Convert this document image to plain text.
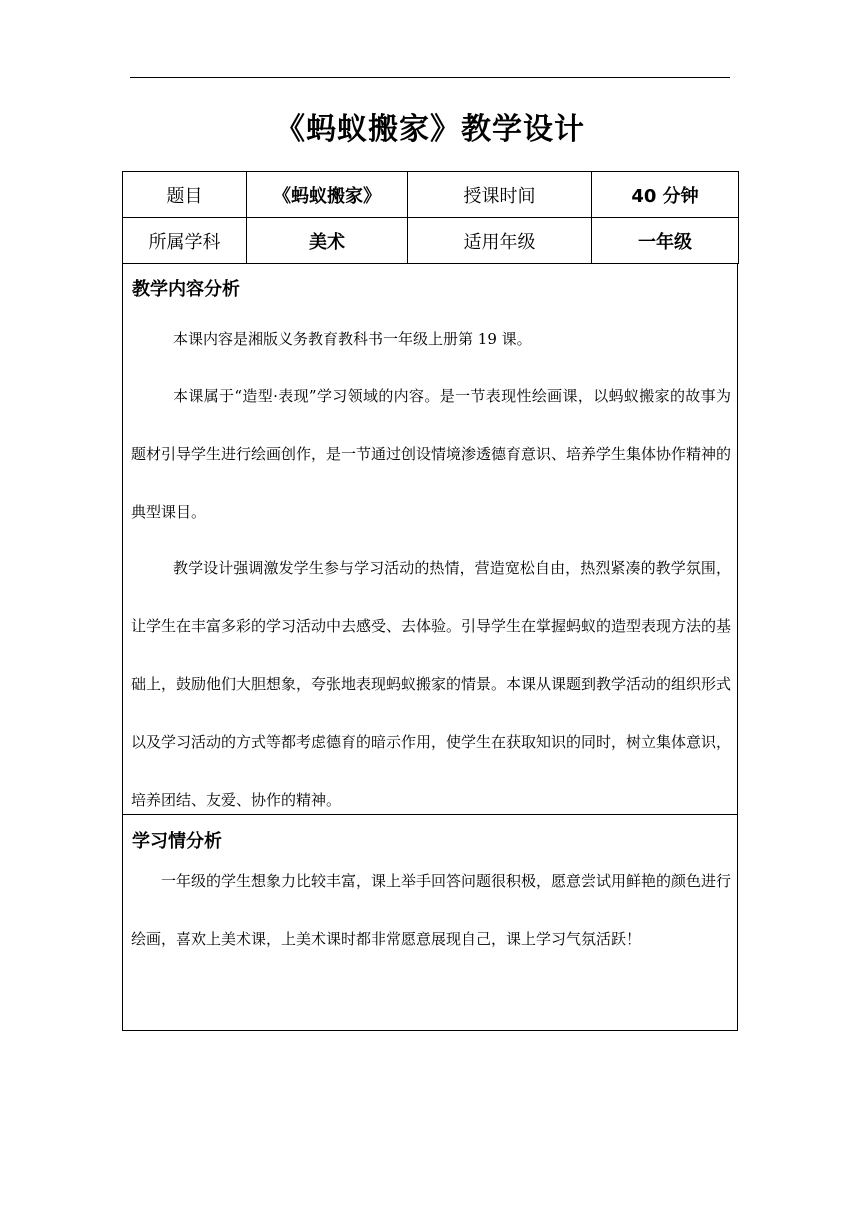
《蚂蚁搬家》教学设计
题目	《蚂蚁搬家》	授课时间	40 分钟
所属学科	美术	适用年级	一年级
教学内容分析
本课内容是湘版义务教育教科书一年级上册第 19 课。
本课属于“造型·表现”学习领域的内容。是一节表现性绘画课，以蚂蚁搬家的故事为题材引导学生进行绘画创作，是一节通过创设情境渗透德育意识、培养学生集体协作精神的典型课目。
教学设计强调激发学生参与学习活动的热情，营造宽松自由，热烈紧凑的教学氛围，让学生在丰富多彩的学习活动中去感受、去体验。引导学生在掌握蚂蚁的造型表现方法的基础上，鼓励他们大胆想象，夸张地表现蚂蚁搬家的情景。本课从课题到教学活动的组织形式以及学习活动的方式等都考虑德育的暗示作用，使学生在获取知识的同时，树立集体意识，培养团结、友爱、协作的精神。
学习情分析
一年级的学生想象力比较丰富，课上举手回答问题很积极，愿意尝试用鲜艳的颜色进行绘画，喜欢上美术课，上美术课时都非常愿意展现自己，课上学习气氛活跃！
